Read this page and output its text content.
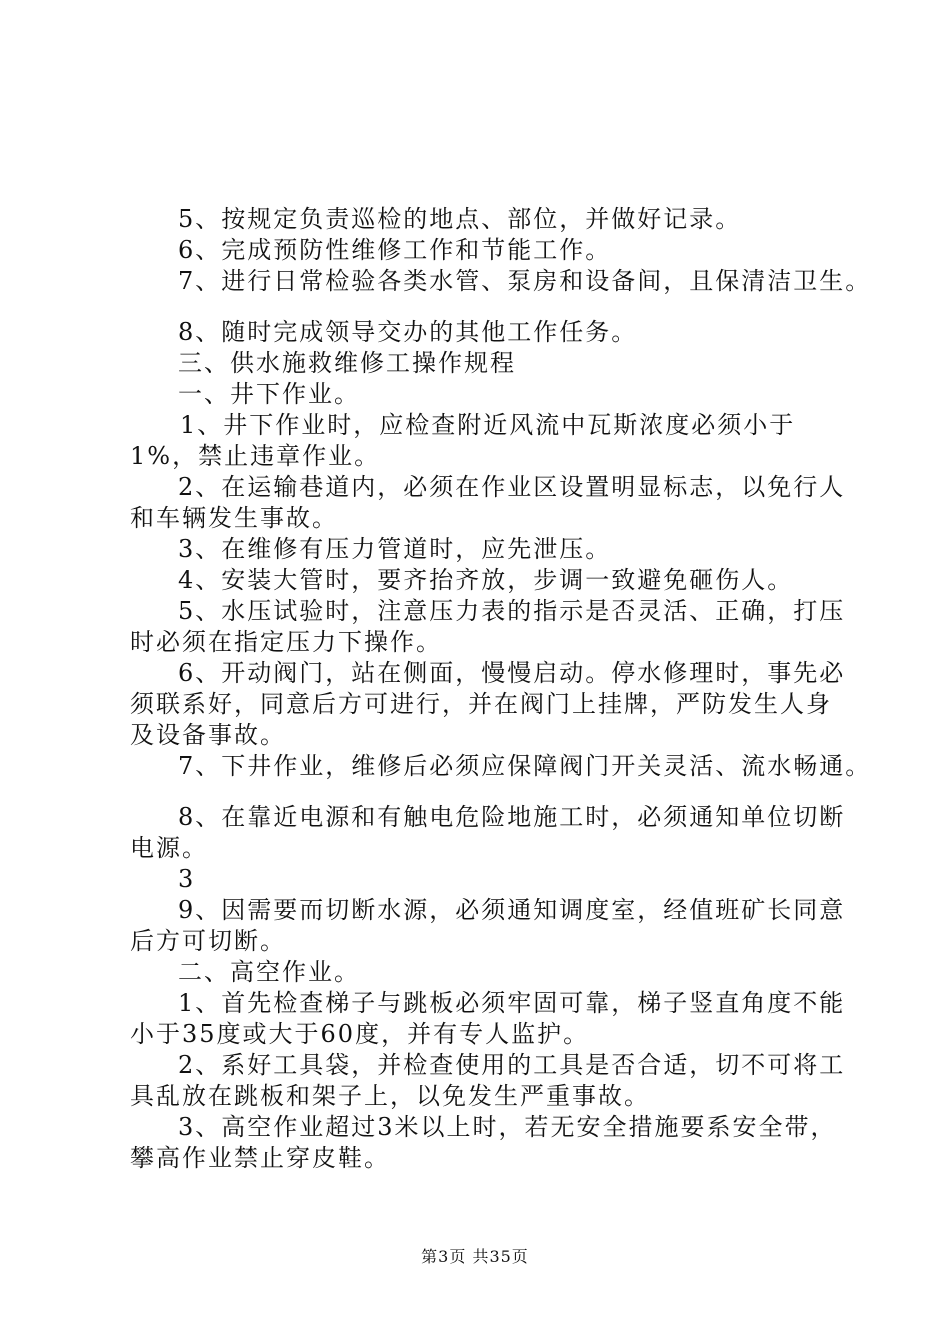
5、按规定负责巡检的地点、部位，并做好记录。
6、完成预防性维修工作和节能工作。
7、进行日常检验各类水管、泵房和设备间，且保清洁卫生。
8、随时完成领导交办的其他工作任务。
三、供水施救维修工操作规程
一、井下作业。
1、井下作业时，应检查附近风流中瓦斯浓度必须小于
1%，禁止违章作业。
2、在运输巷道内，必须在作业区设置明显标志，以免行人
和车辆发生事故。
3、在维修有压力管道时，应先泄压。
4、安装大管时，要齐抬齐放，步调一致避免砸伤人。
5、水压试验时，注意压力表的指示是否灵活、正确，打压
时必须在指定压力下操作。
6、开动阀门，站在侧面，慢慢启动。停水修理时，事先必
须联系好，同意后方可进行，并在阀门上挂牌，严防发生人身
及设备事故。
7、下井作业，维修后必须应保障阀门开关灵活、流水畅通。
8、在靠近电源和有触电危险地施工时，必须通知单位切断
电源。
3
9、因需要而切断水源，必须通知调度室，经值班矿长同意
后方可切断。
二、高空作业。
1、首先检查梯子与跳板必须牢固可靠，梯子竖直角度不能
小于35度或大于60度，并有专人监护。
2、系好工具袋，并检查使用的工具是否合适，切不可将工
具乱放在跳板和架子上，以免发生严重事故。
3、高空作业超过3米以上时，若无安全措施要系安全带，
攀高作业禁止穿皮鞋。
第3页 共35页
